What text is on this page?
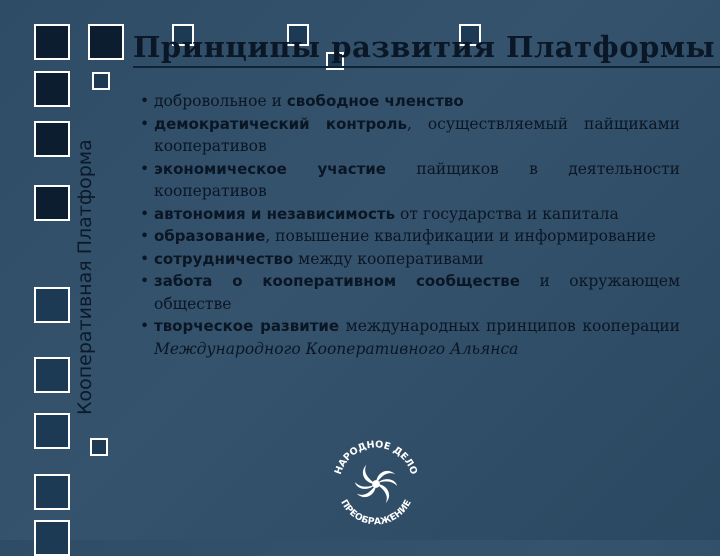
Кооперативная Платформа
Принципы развития Платформы
• добровольное и свободное членство
• демократический контроль, осуществляемый пайщиками кооперативов
• экономическое участие пайщиков в деятельности кооперативов
• автономия и независимость от государства и капитала
• образование, повышение квалификации и информирование
• сотрудничество между кооперативами
• забота о кооперативном сообществе и окружающем обществе
• творческое развитие международных принципов кооперации Международного Кооперативного Альянса
НАРОДНОЕ ДЕЛО
ПРЕОБРАЖЕНИЕ
